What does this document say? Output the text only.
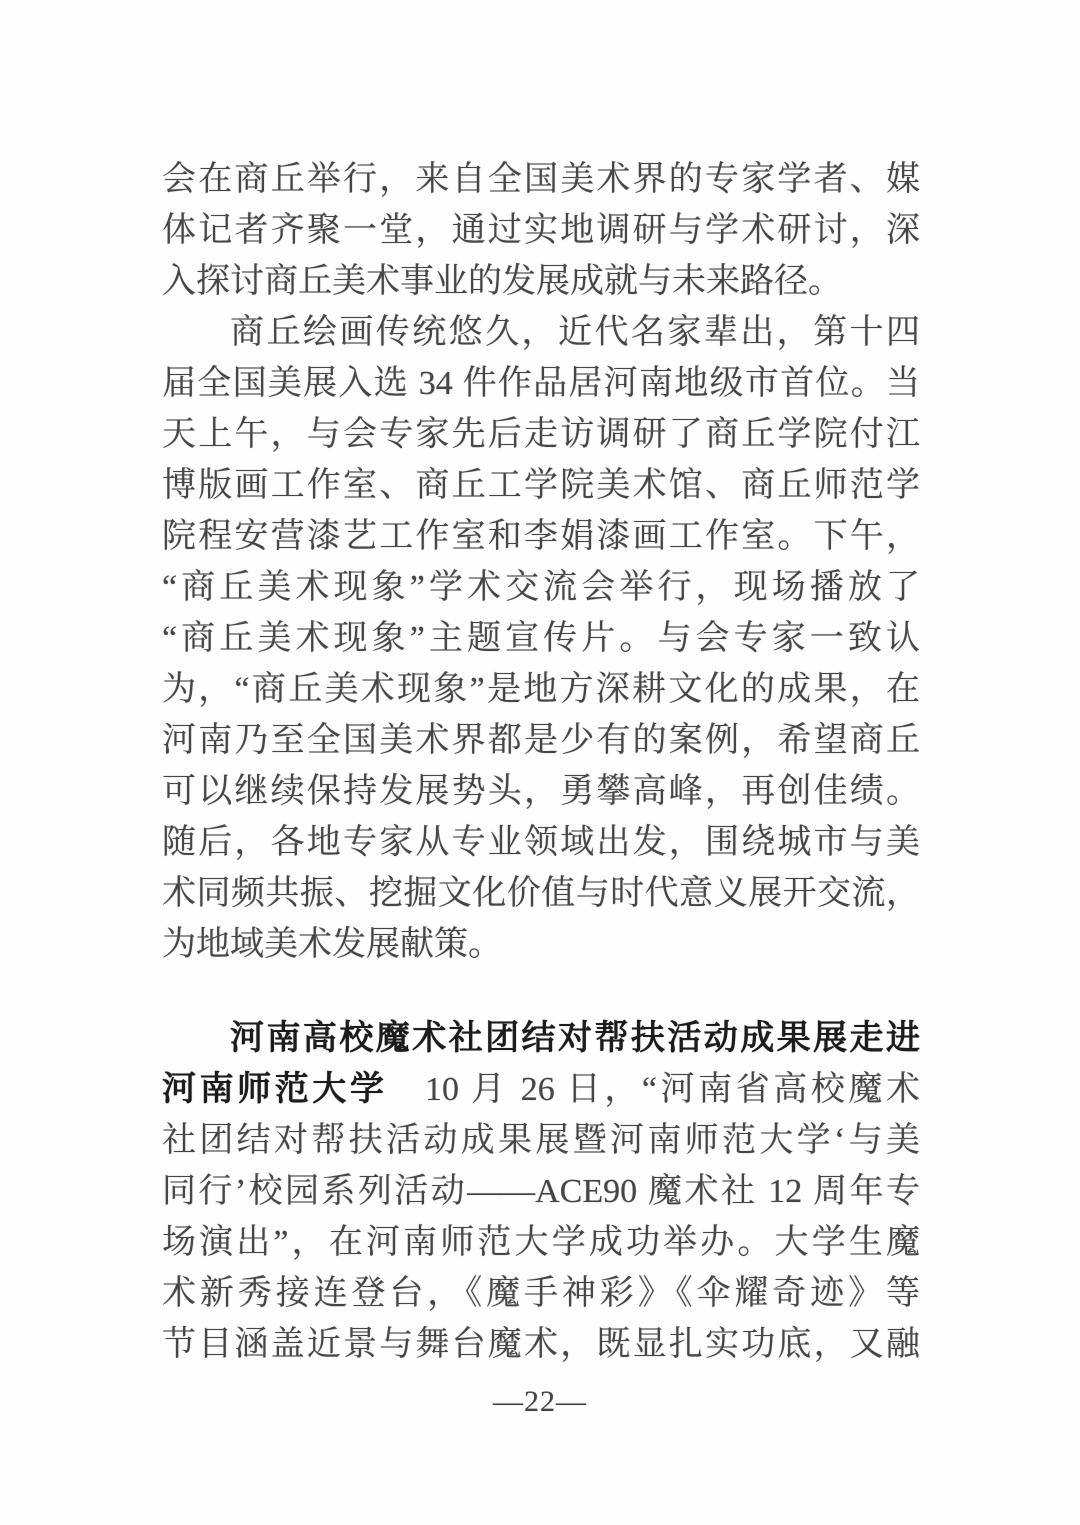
会在商丘举行，来自全国美术界的专家学者、媒
体记者齐聚一堂，通过实地调研与学术研讨，深
入探讨商丘美术事业的发展成就与未来路径。
商丘绘画传统悠久，近代名家辈出，第十四
届全国美展入选 34 件作品居河南地级市首位。当
天上午，与会专家先后走访调研了商丘学院付江
博版画工作室、商丘工学院美术馆、商丘师范学
院程安营漆艺工作室和李娟漆画工作室。下午，
“商丘美术现象”学术交流会举行，现场播放了
“商丘美术现象”主题宣传片。与会专家一致认
为，“商丘美术现象”是地方深耕文化的成果，在
河南乃至全国美术界都是少有的案例，希望商丘
可以继续保持发展势头，勇攀高峰，再创佳绩。
随后，各地专家从专业领域出发，围绕城市与美
术同频共振、挖掘文化价值与时代意义展开交流，
为地域美术发展献策。
河南高校魔术社团结对帮扶活动成果展走进
河南师范大学　10 月 26 日，“河南省高校魔术
社团结对帮扶活动成果展暨河南师范大学‘与美
同行’校园系列活动——ACE90 魔术社 12 周年专
场演出”，在河南师范大学成功举办。大学生魔
术新秀接连登台，《魔手神彩》《伞耀奇迹》等
节目涵盖近景与舞台魔术，既显扎实功底，又融
—22—
